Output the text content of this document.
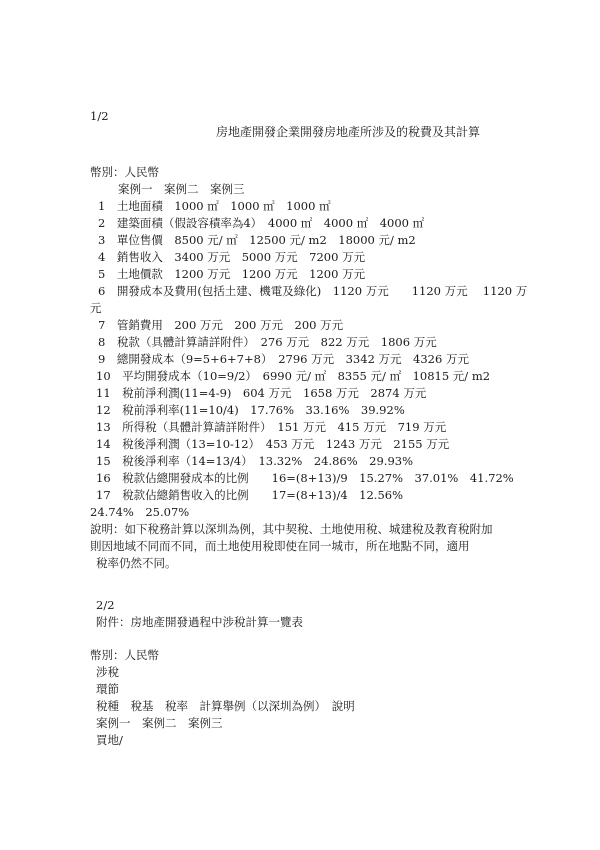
1/2
房地產開發企業開發房地產所涉及的稅費及其計算
幣別：人民幣
案例一　案例二　案例三
1　土地面積　1000 ㎡　1000 ㎡　1000 ㎡
2　建築面積（假設容積率為4）　4000 ㎡　4000 ㎡　4000 ㎡
3　單位售價　8500 元/ ㎡　12500 元/ m2　18000 元/ m2
4　銷售收入　3400 万元　5000 万元　7200 万元
5　土地價款　1200 万元　1200 万元　1200 万元
6　開發成本及費用(包括土建、機電及綠化)　1120 万元　　1120 万元　 1120 万
元
7　管銷費用　200 万元　200 万元　200 万元
8　稅款（具體計算請詳附件）　276 万元　822 万元　1806 万元
9　總開發成本（9=5+6+7+8）　2796 万元　3342 万元　4326 万元
10　平均開發成本（10=9/2）　6990 元/ ㎡　8355 元/ ㎡　10815 元/ m2
11　稅前淨利潤(11=4-9)　604 万元　1658 万元　2874 万元
12　稅前淨利率(11=10/4)　17.76%　33.16%　39.92%
13　所得稅（具體計算請詳附件）　151 万元　415 万元　719 万元
14　稅後淨利潤（13=10-12）　453 万元　1243 万元　2155 万元
15　稅後淨利率（14=13/4）　13.32%　24.86%　29.93%
16　稅款佔總開發成本的比例　　16=(8+13)/9　15.27%　37.01%　41.72%
17　稅款佔總銷售收入的比例　　17=(8+13)/4　12.56%
24.74%　25.07%
說明：如下稅務計算以深圳為例，其中契稅、土地使用稅、城建稅及教育稅附加
則因地域不同而不同，而土地使用稅即使在同一城市，所在地點不同，適用
稅率仍然不同。
2/2
附件：房地產開發過程中涉稅計算一覽表
幣別：人民幣
涉稅
環節
稅種　稅基　稅率　計算舉例（以深圳為例）　說明
案例一　案例二　案例三
買地/
